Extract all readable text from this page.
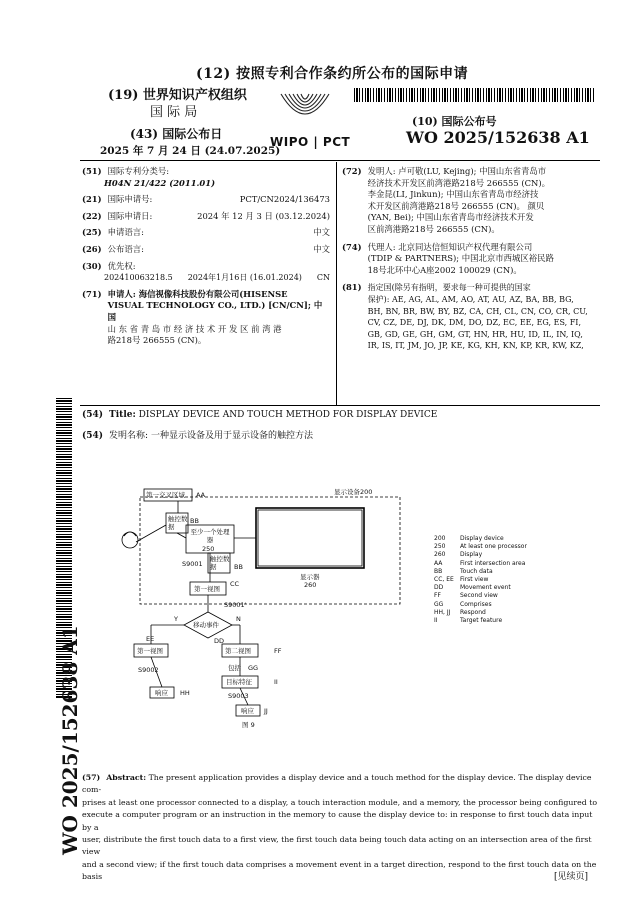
(12) 按照专利合作条约所公布的国际申请
(19) 世界知识产权组织
国 际 局
(43) 国际公布日
2025 年 7 月 24 日 (24.07.2025)
WIPO | PCT
(10) 国际公布号
WO 2025/152638 A1
(51) 国际专利分类号:
H04N 21/422 (2011.01)
(21) 国际申请号:	PCT/CN2024/136473
(22) 国际申请日:	2024 年 12 月 3 日 (03.12.2024)
(25) 申请语言:	中文
(26) 公布语言:	中文
(30) 优先权:
202410063218.5 2024年1月16日 (16.01.2024) CN
(71) 申请人: 海信视像科技股份有限公司(HISENSE
VISUAL TECHNOLOGY CO., LTD.) [CN/CN]; 中 国
山 东 省 青 岛 市 经 济 技 术 开 发 区 前 湾 港
路218号 266555 (CN)。
(72) 发明人: 卢可敬(LU, Kejing); 中国山东省青岛市
经济技术开发区前湾港路218号 266555 (CN)。
李金昆(LI, Jinkun); 中国山东省青岛市经济技
术开发区前湾港路218号 266555 (CN)。 颜贝
(YAN, Bei); 中国山东省青岛市经济技术开发
区前湾港路218号 266555 (CN)。
(74) 代理人: 北京同达信恒知识产权代理有限公司
(TDIP & PARTNERS); 中国北京市西城区裕民路
18号北环中心A座2002 100029 (CN)。
(81) 指定国(除另有指明，要求每一种可提供的国家
保护): AE, AG, AL, AM, AO, AT, AU, AZ, BA, BB, BG,
BH, BN, BR, BW, BY, BZ, CA, CH, CL, CN, CO, CR, CU,
CV, CZ, DE, DJ, DK, DM, DO, DZ, EC, EE, EG, ES, FI,
GB, GD, GE, GH, GM, GT, HN, HR, HU, ID, IL, IN, IQ,
IR, IS, IT, JM, JO, JP, KE, KG, KH, KN, KP, KR, KW, KZ,
WO 2025/152638 A1
(54) Title: DISPLAY DEVICE AND TOUCH METHOD FOR DISPLAY DEVICE
(54) 发明名称: 一种显示设备及用于显示设备的触控方法
第一交叉区域 AA	显示设备200
触控数据
BB
至少一个处理器
250
S9001
触控数据	BB
显示器
260
第一视图
CC
S9001'
Y	N
移动事件
DD
EE
第一视图
S9002
响应 HH
第二视图	FF
包括 GG
目标特征	II
S9003
响应 JJ
图 9
200	Display device
250	At least one processor
260	Display
AA	First intersection area
BB	Touch data
CC, EE	First view
DD	Movement event
FF	Second view
GG	Comprises
HH, JJ	Respond
II	Target feature
(57) Abstract: The present application provides a display device and a touch method for the display device. The display device com-
prises at least one processor connected to a display, a touch interaction module, and a memory, the processor being configured to
execute a computer program or an instruction in the memory to cause the display device to: in response to first touch data input by a
user, distribute the first touch data to a first view, the first touch data being touch data acting on an intersection area of the first view
and a second view; if the first touch data comprises a movement event in a target direction, respond to the first touch data on the basis	[见续页]
